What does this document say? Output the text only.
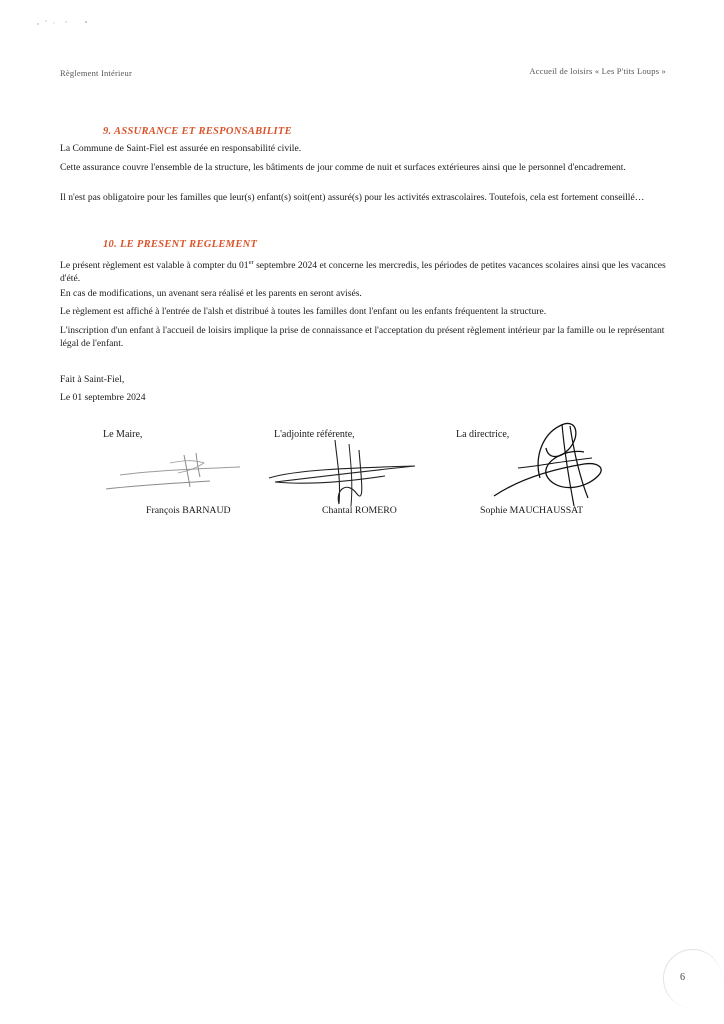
Règlement Intérieur	Accueil de loisirs « Les P'tits Loups »
9. ASSURANCE ET RESPONSABILITE
La Commune de Saint-Fiel est assurée en responsabilité civile.
Cette assurance couvre l'ensemble de la structure, les bâtiments de jour comme de nuit et surfaces extérieures ainsi que le personnel d'encadrement.
Il n'est pas obligatoire pour les familles que leur(s) enfant(s) soit(ent) assuré(s) pour les activités extrascolaires. Toutefois, cela est fortement conseillé…
10. LE PRESENT REGLEMENT
Le présent règlement est valable à compter du 01er septembre 2024 et concerne les mercredis, les périodes de petites vacances scolaires ainsi que les vacances d'été.
En cas de modifications, un avenant sera réalisé et les parents en seront avisés.
Le règlement est affiché à l'entrée de l'alsh et distribué à toutes les familles dont l'enfant ou les enfants fréquentent la structure.
L'inscription d'un enfant à l'accueil de loisirs implique la prise de connaissance et l'acceptation du présent règlement intérieur par la famille ou le représentant légal de l'enfant.
Fait à Saint-Fiel,
Le 01 septembre 2024
Le Maire,	L'adjointe référente,	La directrice,
François BARNAUD	Chantal ROMERO	Sophie MAUCHAUSSAT
6
